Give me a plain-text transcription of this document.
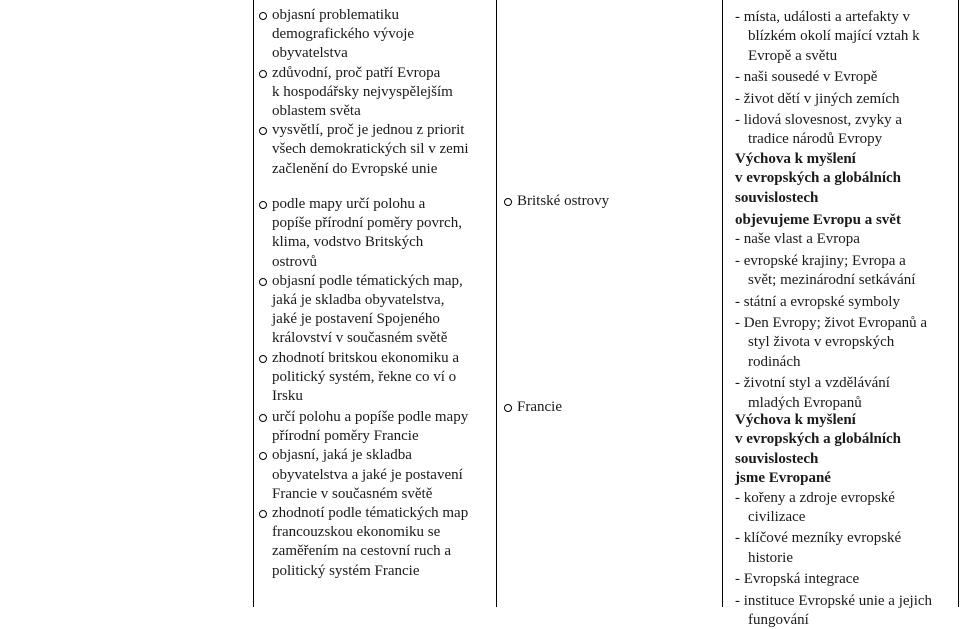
objasní problematiku
demografického vývoje
obyvatelstva
zdůvodní, proč patří Evropa
k hospodářsky nejvyspělejším
oblastem světa
vysvětlí, proč je jednou z priorit
všech demokratických sil v zemi
začlenění do Evropské unie
podle mapy určí polohu a
popíše přírodní poměry povrch,
klima, vodstvo Britských
ostrovů
objasní podle tématických map,
jaká je skladba obyvatelstva,
jaké je postavení Spojeného
království v současném světě
zhodnotí britskou ekonomiku a
politický systém, řekne co ví o
Irsku
určí polohu a popíše podle mapy
přírodní poměry Francie
objasní, jaká je skladba
obyvatelstva a jaké je postavení
Francie v současném světě
zhodnotí podle tématických map
francouzskou ekonomiku se
zaměřením na cestovní ruch a
politický systém Francie
Britské ostrovy
Francie
- místa, události a artefakty v
blízkém okolí mající vztah k
Evropě a světu
- naši sousedé v Evropě
- život dětí v jiných zemích
- lidová slovesnost, zvyky a
tradice národů Evropy
Výchova k myšlení
v evropských a globálních
souvislostech
objevujeme Evropu a svět
- naše vlast a Evropa
- evropské krajiny; Evropa a
svět; mezinárodní setkávání
- státní a evropské symboly
- Den Evropy; život Evropanů a
styl života v evropských
rodinách
- životní styl a vzdělávání
mladých Evropanů
Výchova k myšlení
v evropských a globálních
souvislostech
jsme Evropané
- kořeny a zdroje evropské
civilizace
- klíčové mezníky evropské
historie
- Evropská integrace
- instituce Evropské unie a jejich
fungování
